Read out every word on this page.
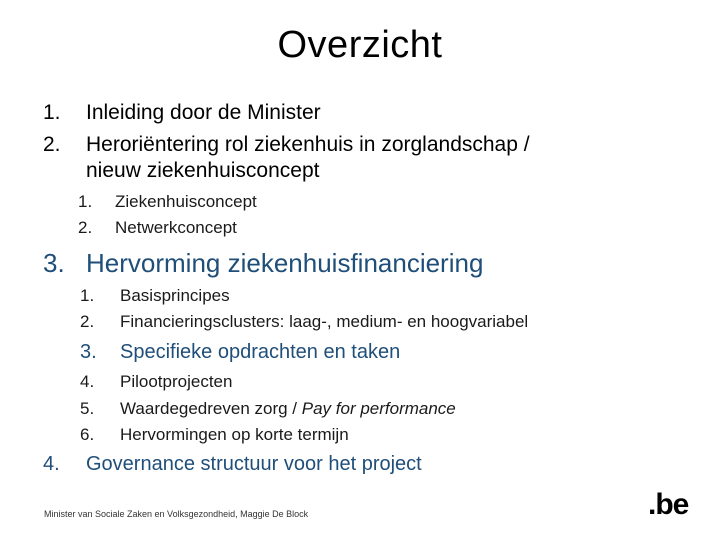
Overzicht
1. Inleiding door de Minister
2. Heroriëntering rol ziekenhuis in zorglandschap /
nieuw ziekenhuisconcept
1. Ziekenhuisconcept
2. Netwerkconcept
3. Hervorming ziekenhuisfinanciering
1. Basisprincipes
2. Financieringsclusters: laag-, medium- en hoogvariabel
3. Specifieke opdrachten en taken
4. Pilootprojecten
5. Waardegedreven zorg / Pay for performance
6. Hervormingen op korte termijn
4. Governance structuur voor het project
Minister van Sociale Zaken en Volksgezondheid, Maggie De Block	.be
